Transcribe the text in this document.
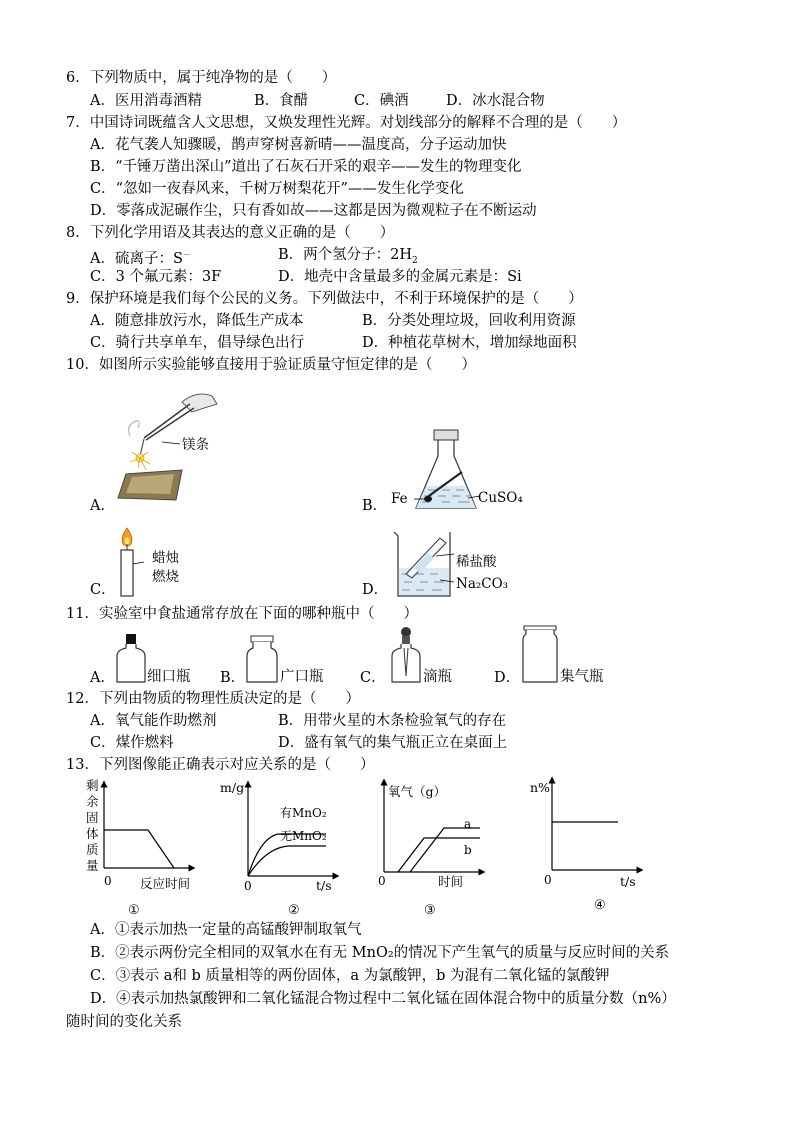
6．下列物质中，属于纯净物的是（　　）
A．医用消毒酒精	B．食醋	C．碘酒	D．冰水混合物
7．中国诗词既蕴含人文思想，又焕发理性光辉。对划线部分的解释不合理的是（　　）
A．花气袭人知骤暖，鹊声穿树喜新晴——温度高，分子运动加快
B．“千锤万凿出深山”道出了石灰石开采的艰辛——发生的物理变化
C．“忽如一夜春风来，千树万树梨花开”——发生化学变化
D．零落成泥碾作尘，只有香如故——这都是因为微观粒子在不断运动
8．下列化学用语及其表达的意义正确的是（　　）
A．硫离子：S－	B．两个氢分子：$2H_2$
C．3 个氟元素：3F	D．地壳中含量最多的金属元素是：Si
9．保护环境是我们每个公民的义务。下列做法中，不利于环境保护的是（　　）
A．随意排放污水，降低生产成本	B．分类处理垃圾，回收利用资源
C．骑行共享单车，倡导绿色出行	D．种植花草树木，增加绿地面积
10．如图所示实验能够直接用于验证质量守恒定律的是（　　）
A．
镁条
B． Fe	CuSO₄
C．
蜡烛
燃烧
D．
稀盐酸
Na₂CO₃
11．实验室中食盐通常存放在下面的哪种瓶中（　　）
A． 细口瓶 B． 广口瓶	C．	滴瓶	D．	集气瓶
12．下列由物质的物理性质决定的是（　　）
A．氧气能作助燃剂	B．用带火星的木条检验氧气的存在
C．煤作燃料	D．盛有氧气的集气瓶正立在桌面上
13．下列图像能正确表示对应关系的是（　　）
剩
余
固
体
质
量
0 反应时间
①
m/g
有MnO₂
无MnO₂
0	t/s
②
氧气（g）
a
b
0	时间
③
n%
0	t/s
④
A．①表示加热一定量的高锰酸钾制取氧气
B．②表示两份完全相同的双氧水在有无 MnO₂的情况下产生氧气的质量与反应时间的关系
C．③表示 a和 b 质量相等的两份固体，a 为氯酸钾，b 为混有二氧化锰的氯酸钾
D．④表示加热氯酸钾和二氧化锰混合物过程中二氧化锰在固体混合物中的质量分数（n%）
随时间的变化关系
